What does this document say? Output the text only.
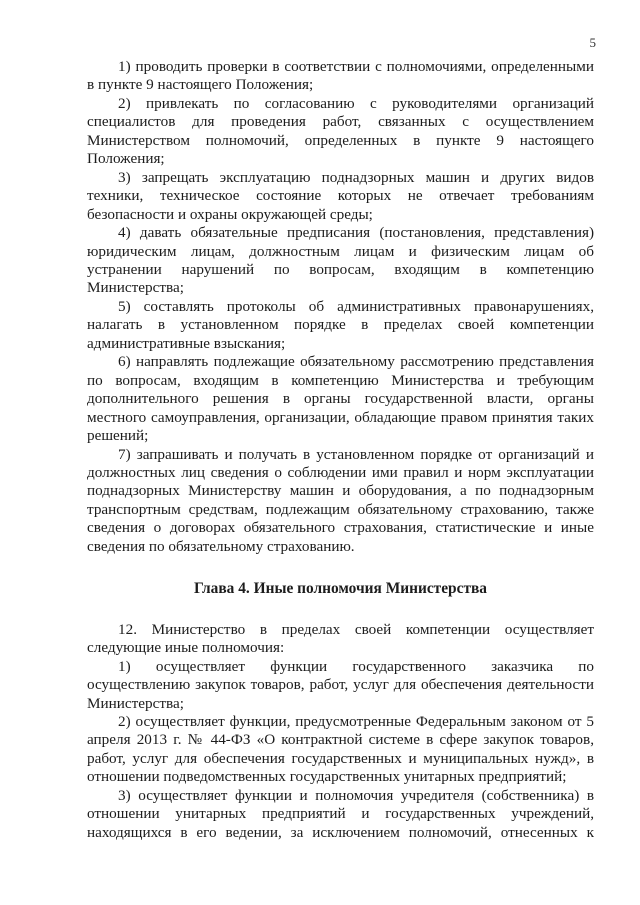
5

1) проводить проверки в соответствии с полномочиями, определенными в пункте 9 настоящего Положения;

2) привлекать по согласованию с руководителями организаций специалистов для проведения работ, связанных с осуществлением Министерством полномочий, определенных в пункте 9 настоящего Положения;

3) запрещать эксплуатацию поднадзорных машин и других видов техники, техническое состояние которых не отвечает требованиям безопасности и охраны окружающей среды;

4) давать обязательные предписания (постановления, представления) юридическим лицам, должностным лицам и физическим лицам об устранении нарушений по вопросам, входящим в компетенцию Министерства;

5) составлять протоколы об административных правонарушениях, налагать в установленном порядке в пределах своей компетенции административные взыскания;

6) направлять подлежащие обязательному рассмотрению представления по вопросам, входящим в компетенцию Министерства и требующим дополнительного решения в органы государственной власти, органы местного самоуправления, организации, обладающие правом принятия таких решений;

7) запрашивать и получать в установленном порядке от организаций и должностных лиц сведения о соблюдении ими правил и норм эксплуатации поднадзорных Министерству машин и оборудования, а по поднадзорным транспортным средствам, подлежащим обязательному страхованию, также сведения о договорах обязательного страхования, статистические и иные сведения по обязательному страхованию.

Глава 4. Иные полномочия Министерства

12. Министерство в пределах своей компетенции осуществляет следующие иные полномочия:

1) осуществляет функции государственного заказчика по осуществлению закупок товаров, работ, услуг для обеспечения деятельности Министерства;

2) осуществляет функции, предусмотренные Федеральным законом от 5 апреля 2013 г. № 44-ФЗ «О контрактной системе в сфере закупок товаров, работ, услуг для обеспечения государственных и муниципальных нужд», в отношении подведомственных государственных унитарных предприятий;

3) осуществляет функции и полномочия учредителя (собственника) в отношении унитарных предприятий и государственных учреждений, находящихся в его ведении, за исключением полномочий, отнесенных к
